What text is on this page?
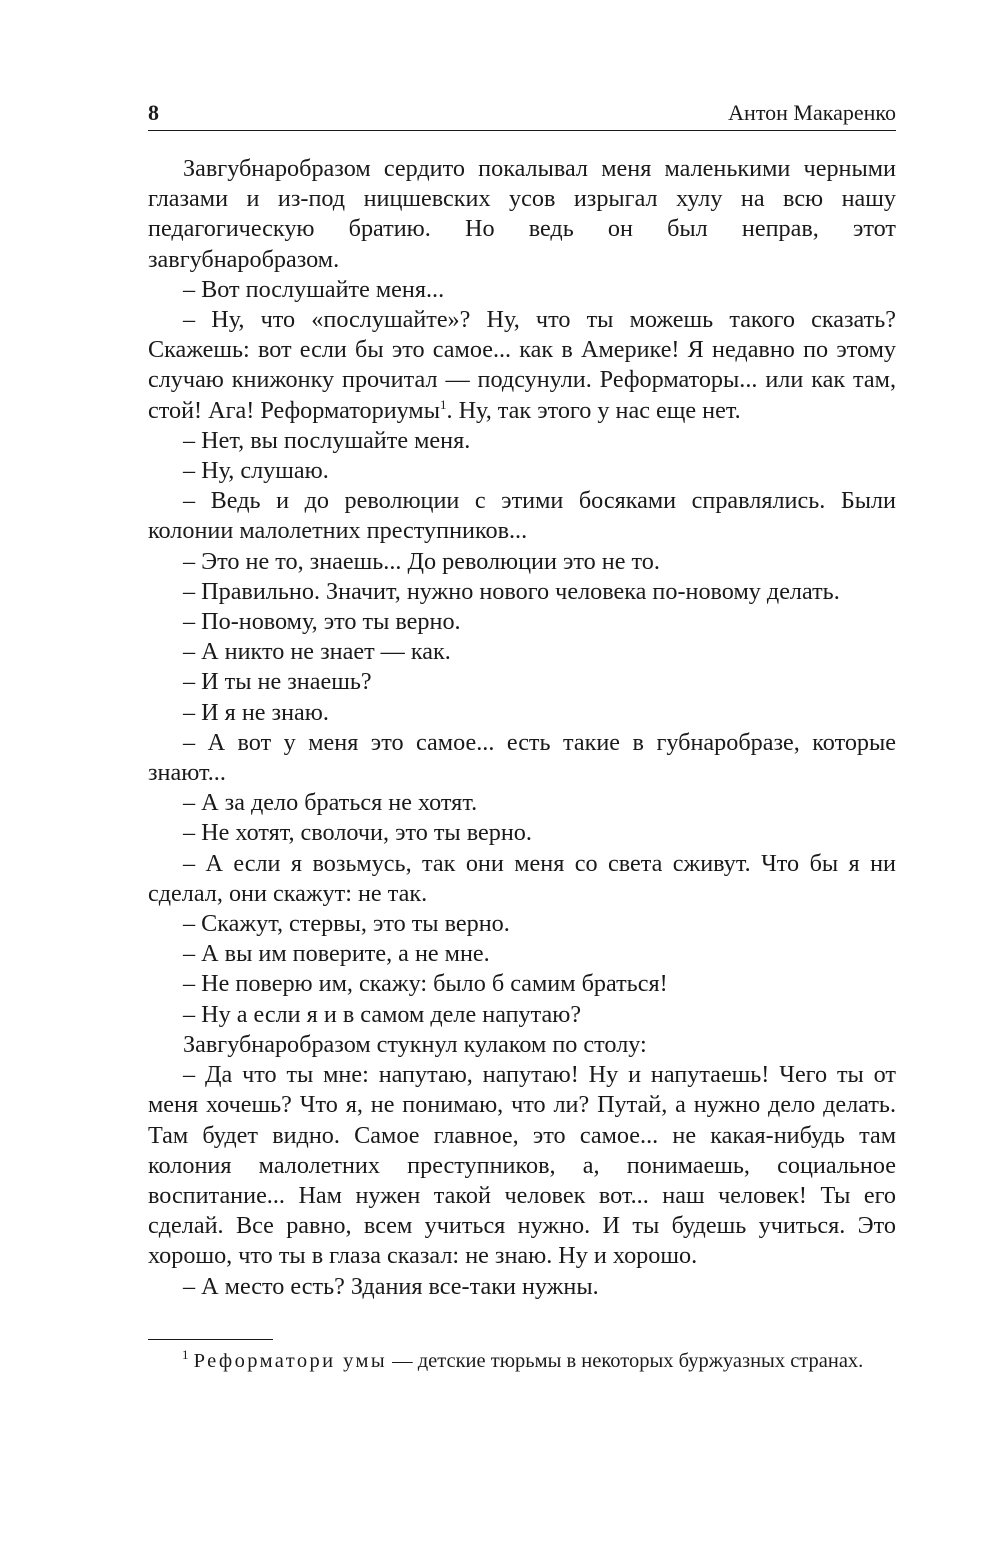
8	Антон Макаренко

Завгубнаробразом сердито покалывал меня маленькими черными глазами и из-под ницшевских усов изрыгал хулу на всю нашу педагогическую братию. Но ведь он был неправ, этот завгубнаробразом.

– Вот послушайте меня...

– Ну, что «послушайте»? Ну, что ты можешь такого сказать? Скажешь: вот если бы это самое... как в Америке! Я недавно по этому случаю книжонку прочитал — подсунули. Реформаторы... или как там, стой! Ага! Реформаториумы$^1$. Ну, так этого у нас еще нет.

– Нет, вы послушайте меня.

– Ну, слушаю.

– Ведь и до революции с этими босяками справлялись. Были колонии малолетних преступников...

– Это не то, знаешь... До революции это не то.

– Правильно. Значит, нужно нового человека по-новому делать.

– По-новому, это ты верно.

– А никто не знает — как.

– И ты не знаешь?

– И я не знаю.

– А вот у меня это самое... есть такие в губнаробразе, которые знают...

– А за дело браться не хотят.

– Не хотят, сволочи, это ты верно.

– А если я возьмусь, так они меня со света сживут. Что бы я ни сделал, они скажут: не так.

– Скажут, стервы, это ты верно.

– А вы им поверите, а не мне.

– Не поверю им, скажу: было б самим браться!

– Ну а если я и в самом деле напутаю?

Завгубнаробразом стукнул кулаком по столу:

– Да что ты мне: напутаю, напутаю! Ну и напутаешь! Чего ты от меня хочешь? Что я, не понимаю, что ли? Путай, а нужно дело делать. Там будет видно. Самое главное, это самое... не какая-нибудь там колония малолетних преступников, а, понимаешь, социальное воспитание... Нам нужен такой человек вот... наш человек! Ты его сделай. Все равно, всем учиться нужно. И ты будешь учиться. Это хорошо, что ты в глаза сказал: не знаю. Ну и хорошо.

– А место есть? Здания все-таки нужны.

$^1$ Реформатори умы — детские тюрьмы в некоторых буржуазных странах.
